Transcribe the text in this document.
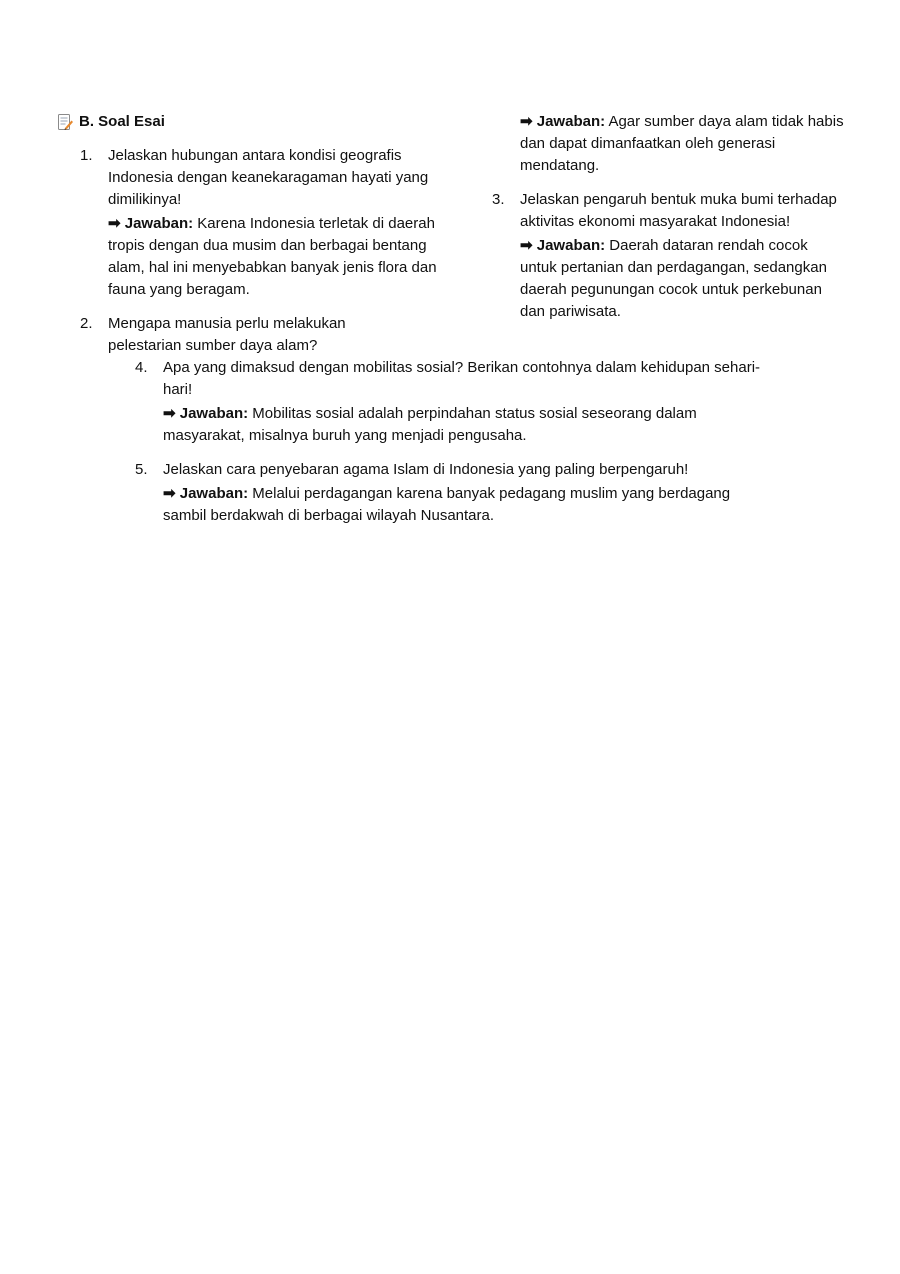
B. Soal Esai
1. Jelaskan hubungan antara kondisi geografis Indonesia dengan keanekaragaman hayati yang dimilikinya!
➡ Jawaban: Karena Indonesia terletak di daerah tropis dengan dua musim dan berbagai bentang alam, hal ini menyebabkan banyak jenis flora dan fauna yang beragam.
2. Mengapa manusia perlu melakukan pelestarian sumber daya alam?
➡ Jawaban: Agar sumber daya alam tidak habis dan dapat dimanfaatkan oleh generasi mendatang.
3. Jelaskan pengaruh bentuk muka bumi terhadap aktivitas ekonomi masyarakat Indonesia!
➡ Jawaban: Daerah dataran rendah cocok untuk pertanian dan perdagangan, sedangkan daerah pegunungan cocok untuk perkebunan dan pariwisata.
4. Apa yang dimaksud dengan mobilitas sosial? Berikan contohnya dalam kehidupan sehari-hari!
➡ Jawaban: Mobilitas sosial adalah perpindahan status sosial seseorang dalam masyarakat, misalnya buruh yang menjadi pengusaha.
5. Jelaskan cara penyebaran agama Islam di Indonesia yang paling berpengaruh!
➡ Jawaban: Melalui perdagangan karena banyak pedagang muslim yang berdagang sambil berdakwah di berbagai wilayah Nusantara.
